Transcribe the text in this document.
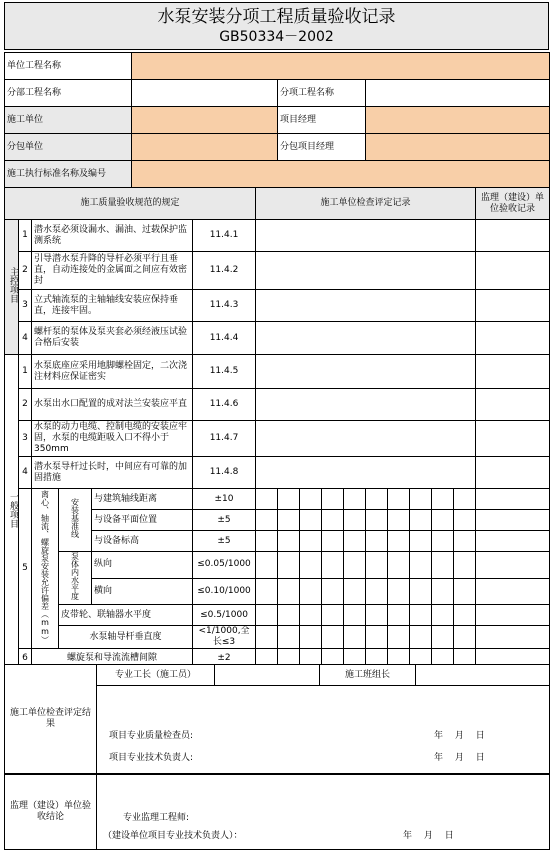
水泵安装分项工程质量验收记录
GB50334－2002
单位工程名称			
分部工程名称		分项工程名称	
施工单位		项目经理	
分包单位		分包项目经理	
施工执行标准名称及编号			
施工质量验收规范的规定						施工单位检查评定记录										监理（建设）单位验收记录
主控项目	1	潜水泵必须设漏水、漏油、过载保护监测系统			11.4.1											
	2	引导潜水泵升降的导杆必须平行且垂直，自动连接处的金属面之间应有效密封			11.4.2											
	3	立式轴流泵的主轴轴线安装应保持垂直，连接牢固。			11.4.3											
	4	螺杆泵的泵体及泵夹套必须经液压试验合格后安装			11.4.4											
一般项目	1	水泵底座应采用地脚螺栓固定，二次浇注材料应保证密实			11.4.5											
	2	水泵出水口配置的成对法兰安装应平直			11.4.6											
	3	水泵的动力电缆、控制电缆的安装应牢固，水泵的电缆距吸入口不得小于350mm			11.4.7											
	4	潜水泵导杆过长时，中间应有可靠的加固措施			11.4.8											
	5	离心、轴流、螺旋泵安装允许偏差（mm）	安装基准线	与建筑轴线距离	±10											
				与设备平面位置	±5											
				与设备标高	±5											
			泵体内水平度	纵向	≤0.05/1000											
				横向	≤0.10/1000											
			皮带轮、联轴器水平度		≤0.5/1000											
			水泵轴导杆垂直度		<1/1000,全长≤3											
	6	螺旋泵和导流流槽间隙			±2											
施工单位检查评定结果	专业工长（施工员）		施工班组长	

项目专业质量检查员:	年　 月　 日
项目专业技术负责人:	年　 月　 日
监理（建设）单位验收结论	专业监理工程师:
（建设单位项目专业技术负责人）：	年　 月　 日
